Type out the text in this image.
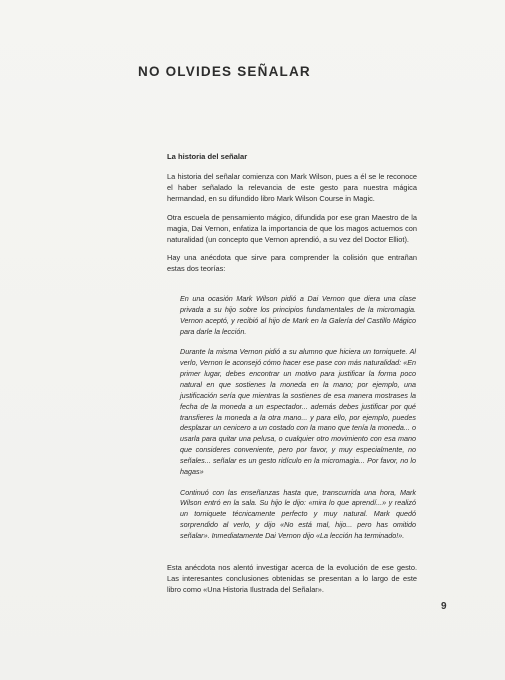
NO OLVIDES SEÑALAR
La historia del señalar

La historia del señalar comienza con Mark Wilson, pues a él se le reconoce el haber señalado la relevancia de este gesto para nuestra mágica hermandad, en su difundido libro Mark Wilson Course in Magic.

Otra escuela de pensamiento mágico, difundida por ese gran Maestro de la magia, Dai Vernon, enfatiza la importancia de que los magos actuemos con naturalidad (un concepto que Vernon aprendió, a su vez del Doctor Elliot).

Hay una anécdota que sirve para comprender la colisión que entrañan estas dos teorías:

En una ocasión Mark Wilson pidió a Dai Vernon que diera una clase privada a su hijo sobre los principios fundamentales de la micromagia. Vernon aceptó, y recibió al hijo de Mark en la Galería del Castillo Mágico para darle la lección.

Durante la misma Vernon pidió a su alumno que hiciera un torniquete. Al verlo, Vernon le aconsejó cómo hacer ese pase con más naturalidad: «En primer lugar, debes encontrar un motivo para justificar la forma poco natural en que sostienes la moneda en la mano; por ejemplo, una justificación sería que mientras la sostienes de esa manera mostrases la fecha de la moneda a un espectador... además debes justificar por qué transfieres la moneda a la otra mano... y para ello, por ejemplo, puedes desplazar un cenicero a un costado con la mano que tenía la moneda... o usarla para quitar una pelusa, o cualquier otro movimiento con esa mano que consideres conveniente, pero por favor, y muy especialmente, no señales... señalar es un gesto ridículo en la micromagia... Por favor, no lo hagas»

Continuó con las enseñanzas hasta que, transcurrida una hora, Mark Wilson entró en la sala. Su hijo le dijo: «mira lo que aprendí...» y realizó un torniquete técnicamente perfecto y muy natural. Mark quedó sorprendido al verlo, y dijo «No está mal, hijo... pero has omitido señalar». Inmediatamente Dai Vernon dijo «La lección ha terminado!».

Esta anécdota nos alentó investigar acerca de la evolución de ese gesto. Las interesantes conclusiones obtenidas se presentan a lo largo de este libro como «Una Historia Ilustrada del Señalar».

9
